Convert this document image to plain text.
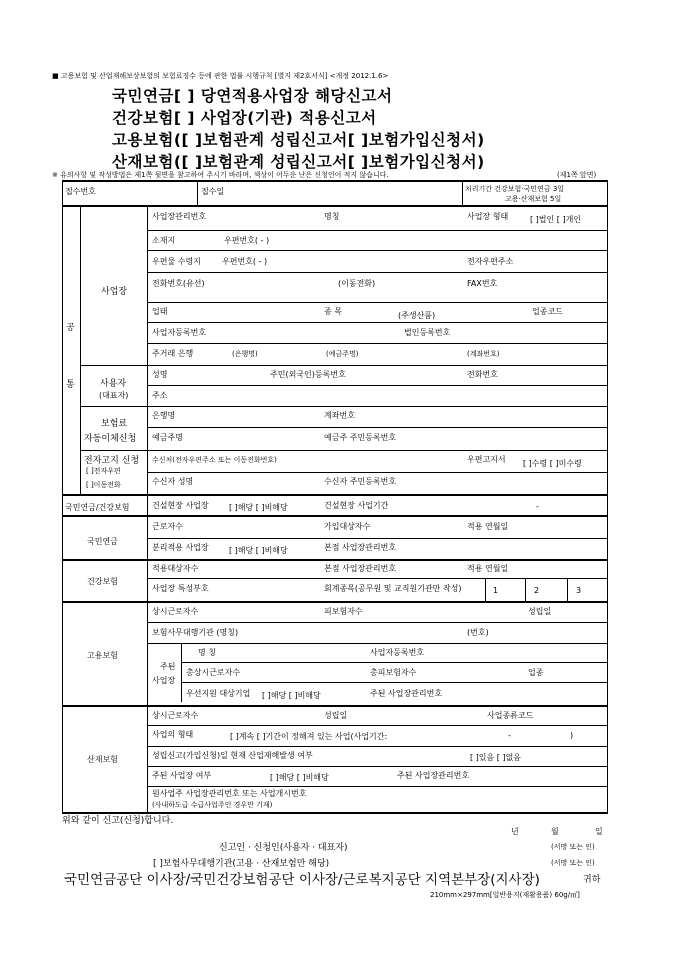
■ 고용보험 및 산업재해보상보험의 보험료징수 등에 관한 법률 시행규칙 [별지 제2호서식] <개정 2012.1.6>
국민연금[ ] 당연적용사업장 해당신고서
건강보험[ ] 사업장(기관) 적용신고서
고용보험([ ]보험관계 성립신고서[ ]보험가입신청서)
산재보험([ ]보험관계 성립신고서[ ]보험가입신청서)
※ 유의사항 및 작성방법은 제1쪽 뒷면을 참고하여 주시기 바라며, 색상이 어두운 난은 신청인이 적지 않습니다.	(제1쪽 앞면)
접수번호	접수일	처리기간 건강보험·국민연금 3일
고용·산재보험 5일
공
통
사업장
사업장관리번호	명칭	사업장 형태	[ ]법인 [ ]개인
소재지	우편번호( - )
우편물 수령지	우편번호( - )	전자우편주소
전화번호(유선)	(이동전화)	FAX번호
업태	종 목	(주생산품)	업종코드
사업자등록번호	법인등록번호
주거래 은행	(은행명)	(예금주명)	(계좌번호)
사용자
(대표자)
성명	주민(외국인)등록번호	전화번호
주소
보험료
자동이체신청
은행명	계좌번호
예금주명	예금주 주민등록번호
전자고지 신청
[ ]전자우편
[ ]이동전화
수신처(전자우편주소 또는 이동전화번호)	우편고지서 [ ]수령 [ ]미수령
수신자 성명	수신자 주민등록번호
국민연금/건강보험	건설현장 사업장	[ ]해당 [ ]비해당	건설현장 사업기간	-
국민연금
근로자수	가입대상자수	적용 연월일
분리적용 사업장	[ ]해당 [ ]비해당	본점 사업장관리번호
건강보험
적용대상자수	본점 사업장관리번호	적용 연월일
사업장 특성부호	회계종목(공무원 및 교직원기관만 작성)	1	2	3
고용보험
상시근로자수	피보험자수	성립일
보험사무대행기관 (명칭)	(번호)
주된
사업장
명 칭	사업자등록번호
총상시근로자수	총피보험자수	업종
우선지원 대상기업 [ ]해당 [ ]비해당	주된 사업장관리번호
산재보험
상시근로자수	성립일	사업종류코드
사업의 형태	[ ]계속 [ ]기간이 정해져 있는 사업(사업기간:	-	)
성립신고(가입신청)일 현재 산업재해발생 여부	[ ]있음 [ ]없음
주된 사업장 여부	[ ]해당 [ ]비해당	주된 사업장관리번호
원사업주 사업장관리번호 또는 사업개시번호
(사내하도급 수급사업주인 경우만 기재)
위와 같이 신고(신청)합니다.
년	월	일
신고인 · 신청인(사용자 · 대표자)	(서명 또는 인)
[ ]보험사무대행기관(고용 · 산재보험만 해당)	(서명 또는 인)
국민연금공단 이사장/국민건강보험공단 이사장/근로복지공단 지역본부장(지사장)	귀하
210mm×297mm[일반용지(재활용품) 60g/㎡]
